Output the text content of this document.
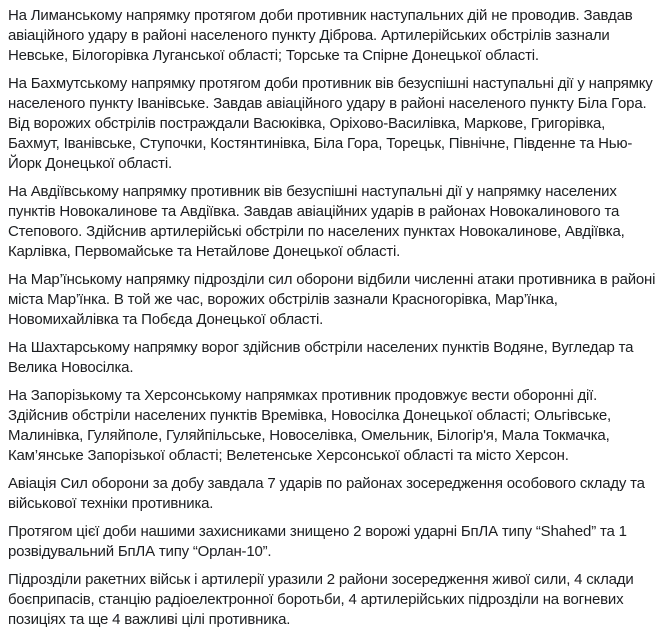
На Лиманському напрямку протягом доби противник наступальних дій не проводив. Завдав авіаційного удару в районі населеного пункту Діброва. Артилерійських обстрілів зазнали Невське, Білогорівка Луганської області; Торське та Спірне Донецької області.

На Бахмутському напрямку протягом доби противник вів безуспішні наступальні дії у напрямку населеного пункту Іванівське. Завдав авіаційного удару в районі населеного пункту Біла Гора. Від ворожих обстрілів постраждали Васюківка, Оріхово-Василівка, Маркове, Григорівка, Бахмут, Іванівське, Ступочки, Костянтинівка, Біла Гора, Торецьк, Північне, Південне та Нью-Йорк Донецької області.

На Авдіївському напрямку противник вів безуспішні наступальні дії у напрямку населених пунктів Новокалинове та Авдіївка. Завдав авіаційних ударів в районах Новокалинового та Степового. Здійснив артилерійські обстріли по населених пунктах Новокалинове, Авдіївка, Карлівка, Первомайське та Нетайлове Донецької області.

На Мар’їнському напрямку підрозділи сил оборони відбили численні атаки противника в районі міста Мар’їнка. В той же час, ворожих обстрілів зазнали Красногорівка, Мар’їнка, Новомихайлівка та Побєда Донецької області.

На Шахтарському напрямку ворог здійснив обстріли населених пунктів Водяне, Вугледар та Велика Новосілка.

На Запорізькому та Херсонському напрямках противник продовжує вести оборонні дії. Здійснив обстріли населених пунктів Времівка, Новосілка Донецької області; Ольгівське, Малинівка, Гуляйполе, Гуляйпільське, Новоселівка, Омельник, Білогір'я, Мала Токмачка, Кам’янське Запорізької області; Велетенське Херсонської області та місто Херсон.

Авіація Сил оборони за добу завдала 7 ударів по районах зосередження особового складу та військової техніки противника.

Протягом цієї доби нашими захисниками знищено 2 ворожі ударні БпЛА типу “Shahed” та 1 розвідувальний БпЛА типу “Орлан-10”.

Підрозділи ракетних військ і артилерії уразили 2 райони зосередження живої сили, 4 склади боєприпасів, станцію радіоелектронної боротьби, 4 артилерійських підрозділи на вогневих позиціях та ще 4 важливі цілі противника.
